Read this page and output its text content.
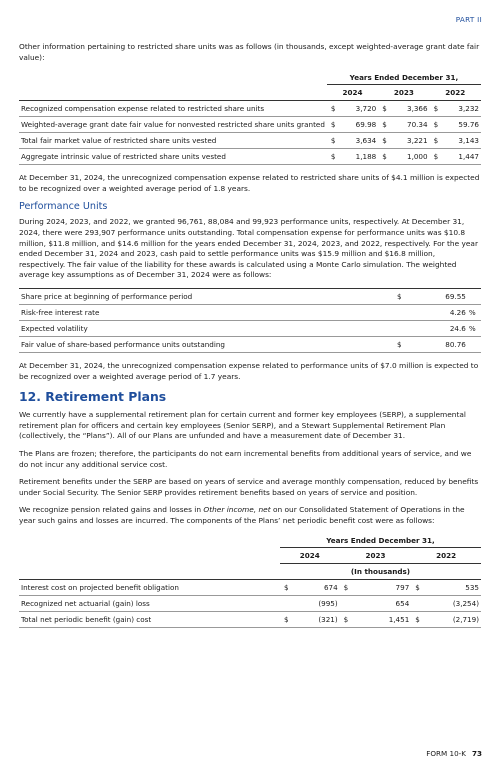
PART II

Other information pertaining to restricted share units was as follows (in thousands, except weighted-average grant date fair value):

	Years Ended December 31,					
	2024		2023		2022	
Recognized compensation expense related to restricted share units	$	3,720	$	3,366	$	3,232
Weighted-average grant date fair value for nonvested restricted share units granted	$	69.98	$	70.34	$	59.76
Total fair market value of restricted share units vested	$	3,634	$	3,221	$	3,143
Aggregate intrinsic value of restricted share units vested	$	1,188	$	1,000	$	1,447

At December 31, 2024, the unrecognized compensation expense related to restricted share units of $4.1 million is expected to be recognized over a weighted average period of 1.8 years.

Performance Units

During 2024, 2023, and 2022, we granted 96,761, 88,084 and 99,923 performance units, respectively. At December 31, 2024, there were 293,907 performance units outstanding. Total compensation expense for performance units was $10.8 million, $11.8 million, and $14.6 million for the years ended December 31, 2024, 2023, and 2022, respectively. For the year ended December 31, 2024 and 2023, cash paid to settle performance units was $15.9 million and $16.8 million, respectively. The fair value of the liability for these awards is calculated using a Monte Carlo simulation. The weighted average key assumptions as of December 31, 2024 were as follows:

Share price at beginning of performance period	$	69.55	
Risk-free interest rate		4.26	%
Expected volatility		24.6	%
Fair value of share-based performance units outstanding	$	80.76	

At December 31, 2024, the unrecognized compensation expense related to performance units of $7.0 million is expected to be recognized over a weighted average period of 1.7 years.

12. Retirement Plans

We currently have a supplemental retirement plan for certain current and former key employees (SERP), a supplemental retirement plan for officers and certain key employees (Senior SERP), and a Stewart Supplemental Retirement Plan (collectively, the “Plans”). All of our Plans are unfunded and have a measurement date of December 31.

The Plans are frozen; therefore, the participants do not earn incremental benefits from additional years of service, and we do not incur any additional service cost.

Retirement benefits under the SERP are based on years of service and average monthly compensation, reduced by benefits under Social Security. The Senior SERP provides retirement benefits based on years of service and position.

We recognize pension related gains and losses in Other income, net on our Consolidated Statement of Operations in the year such gains and losses are incurred. The components of the Plans’ net periodic benefit cost were as follows:

	Years Ended December 31,					
	2024		2023		2022	
	(In thousands)					
Interest cost on projected benefit obligation	$	674	$	797	$	535
Recognized net actuarial (gain) loss		(995)		654		(3,254)
Total net periodic benefit (gain) cost	$	(321)	$	1,451	$	(2,719)
FORM 10-K 73
